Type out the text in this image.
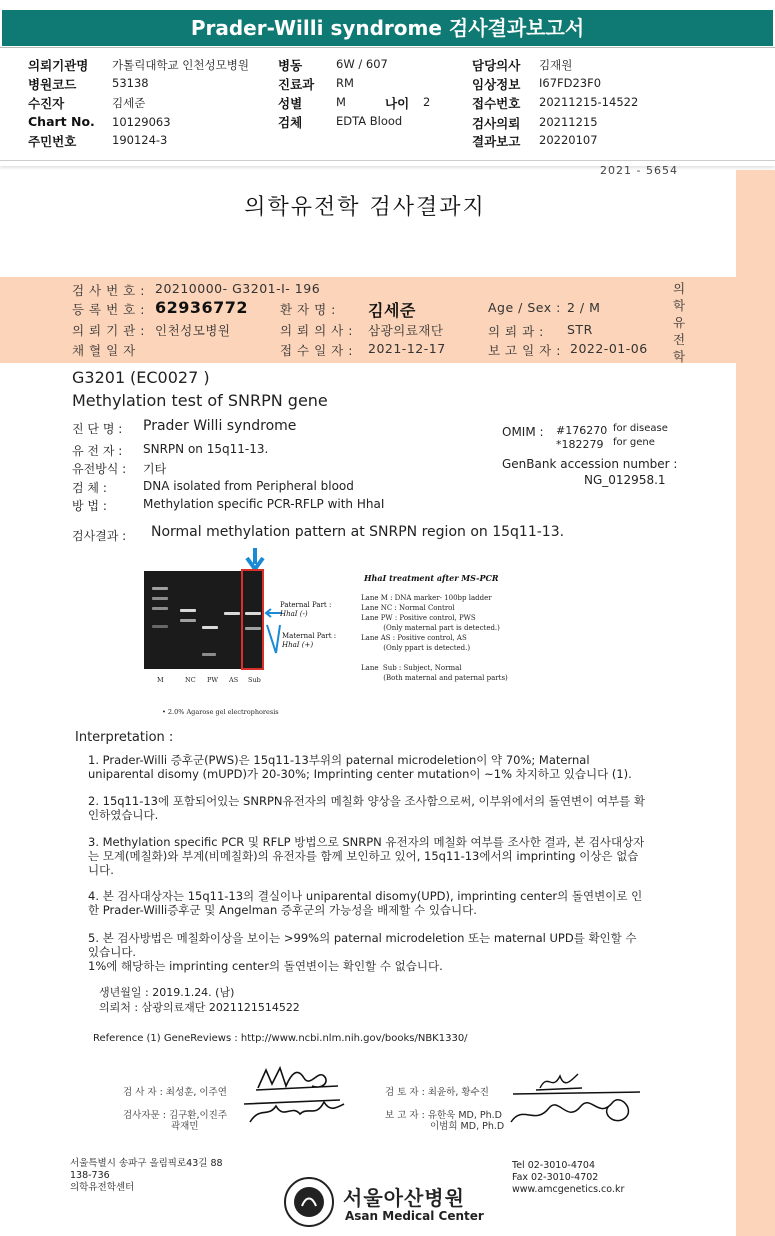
Prader-Willi syndrome 검사결과보고서
의뢰기관명 가톨릭대학교 인천성모병원
병원코드	53138
수진자	김세준
Chart No. 10129063
주민번호	190124-3
병동	6W / 607
진료과 RM
성별	M	나이 2
검체	EDTA Blood
담당의사 김재원
임상정보 I67FD23F0
접수번호 20211215-14522
검사의뢰 20211215
결과보고 20220107
2021 - 5654
의학유전학 검사결과지
검 사 번 호 : 20210000- G3201-I- 196
등 록 번 호 : 62936772	환 자 명 : 김세준	Age / Sex : 2 / M
의 뢰 기 관 : 인천성모병원	의 뢰 의 사 : 삼광의료재단	의 뢰 과 : STR
채 혈 일 자	접 수 일 자 : 2021-12-17	보 고 일 자 : 2022-01-06
의
학
유
전
학
G3201 (EC0027 )
Methylation test of SNRPN gene
진 단 명 : Prader Willi syndrome
유 전 자 : SNRPN on 15q11-13.
유전방식 : 기타
검 체 :	DNA isolated from Peripheral blood
방 법 :	Methylation specific PCR-RFLP with HhaI
OMIM : #176270 for disease
*182279 for gene
GenBank accession number :
NG_012958.1
검사결과 : Normal methylation pattern at SNRPN region on 15q11-13.
M	NC PW AS Sub
Paternal Part :
HhaI (-)
Maternal Part :
HhaI (+)
HhaI treatment after MS-PCR
Lane M : DNA marker- 100bp ladder
Lane NC : Normal Control
Lane PW : Positive control, PWS
(Only maternal part is detected.)
Lane AS : Positive control, AS
(Only ppart is detected.)

Lane  Sub : Subject, Normal
(Both maternal and paternal parts)
• 2.0% Agarose gel electrophoresis
Interpretation :
1. Prader-Willi 증후군(PWS)은 15q11-13부위의 paternal microdeletion이 약 70%; Maternal uniparental disomy (mUPD)가 20-30%; Imprinting center mutation이 ~1% 차지하고 있습니다 (1).
2. 15q11-13에 포함되어있는 SNRPN유전자의 메칠화 양상을 조사함으로써, 이부위에서의 돌연변이 여부를 확인하였습니다.
3. Methylation specific PCR 및 RFLP 방법으로 SNRPN 유전자의 메칠화 여부를 조사한 결과, 본 검사대상자는 모계(메칠화)와 부계(비메칠화)의 유전자를 함께 보인하고 있어, 15q11-13에서의 imprinting 이상은 없습니다.
4. 본 검사대상자는 15q11-13의 결실이나 uniparental disomy(UPD), imprinting center의 돌연변이로 인한 Prader-Willi증후군 및 Angelman 증후군의 가능성을 배제할 수 있습니다.
5. 본 검사방법은 메칠화이상을 보이는 >99%의 paternal microdeletion 또는 maternal UPD를 확인할 수 있습니다.
1%에 해당하는 imprinting center의 돌연변이는 확인할 수 없습니다.
생년월일 : 2019.1.24. (남)
의뢰처 : 삼광의료재단 2021121514522
Reference (1) GeneReviews : http://www.ncbi.nlm.nih.gov/books/NBK1330/
검 사 자 : 최성훈, 이주연	검 토 자 : 최윤하, 황수진
검사자문 : 김구환,이진주
곽재민
보 고 자 : 유한욱 MD, Ph.D
이범희 MD, Ph.D
서울특별시 송파구 올림픽로43길 88
138-736
의학유전학센터
Tel 02-3010-4704
Fax 02-3010-4702
www.amcgenetics.co.kr
서울아산병원
Asan Medical Center
